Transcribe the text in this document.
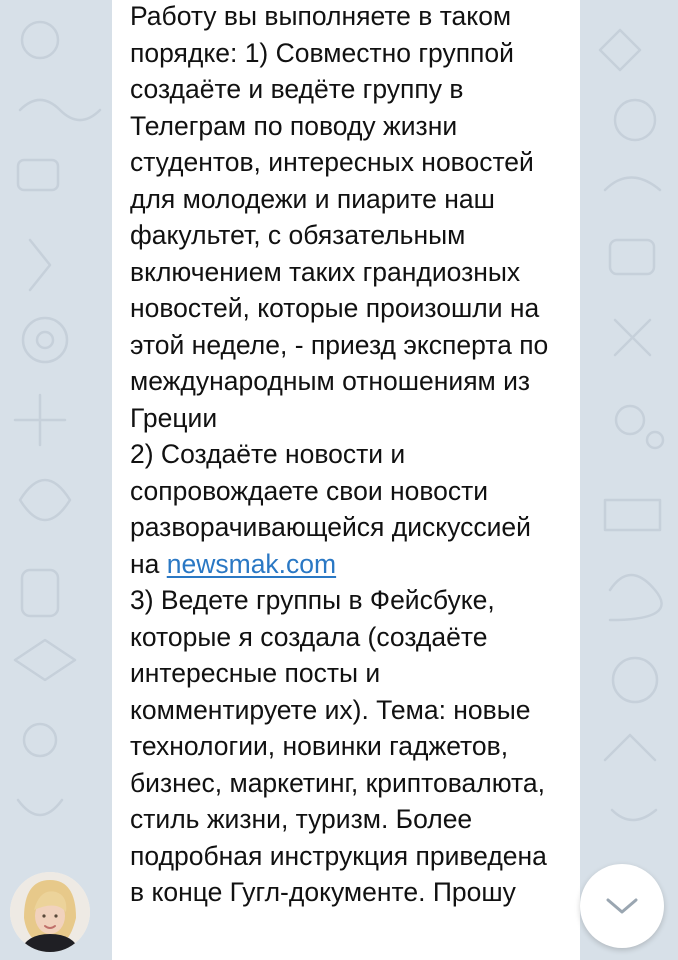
Работу вы выполняете в таком порядке: 1) Совместно группой создаёте и ведёте группу в Телеграм по поводу жизни студентов, интересных новостей для молодежи и пиарите наш факультет, с обязательным включением таких грандиозных новостей, которые произошли на этой неделе, - приезд эксперта по международным отношениям из Греции
2) Создаёте новости и сопровождаете свои новости разворачивающейся дискуссией на newsmak.com
3) Ведете группы в Фейсбуке, которые я создала (создаёте интересные посты и комментируете их). Тема: новые технологии, новинки гаджетов, бизнес, маркетинг, криптовалюта, стиль жизни, туризм. Более подробная инструкция приведена в конце Гугл-документе. Прошу
